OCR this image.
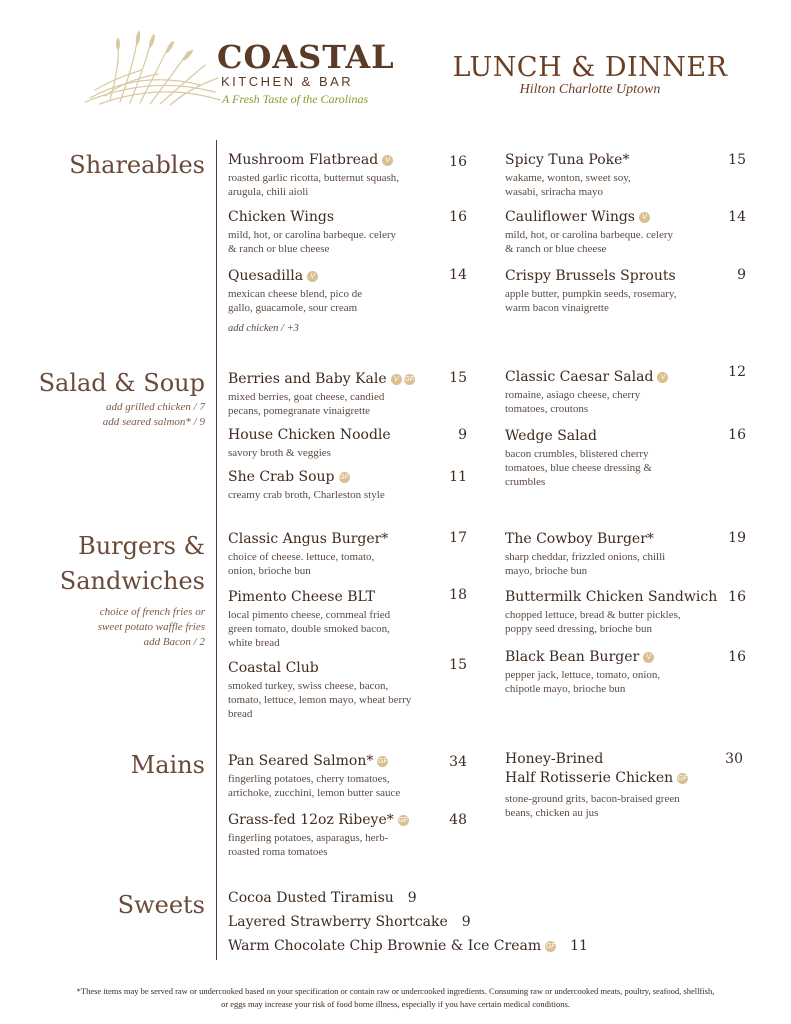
COASTAL
KITCHEN & BAR
A Fresh Taste of the Carolinas
LUNCH & DINNER
Hilton Charlotte Uptown
Shareables Mushroom Flatbread V
roasted garlic ricotta, butternut squash, arugula, chili aioli
16
Chicken Wings
mild, hot, or carolina barbeque. celery & ranch or blue cheese
16
Quesadilla V
mexican cheese blend, pico de gallo, guacamole, sour cream
add chicken / +3
14
Spicy Tuna Poke*
wakame, wonton, sweet soy, wasabi, sriracha mayo
15
Cauliflower Wings V
mild, hot, or carolina barbeque. celery & ranch or blue cheese
14
Crispy Brussels Sprouts
apple butter, pumpkin seeds, rosemary, warm bacon vinaigrette
9
Salad & Soup
add grilled chicken / 7
add seared salmon* / 9
Berries and Baby Kale V GF
mixed berries, goat cheese, candied pecans, pomegranate vinaigrette
15
House Chicken Noodle
savory broth & veggies
9
She Crab Soup GF
creamy crab broth, Charleston style
11
Classic Caesar Salad V
romaine, asiago cheese, cherry tomatoes, croutons
12
Wedge Salad
bacon crumbles, blistered cherry tomatoes, blue cheese dressing & crumbles
16
Burgers &
Sandwiches
choice of french fries or
sweet potato waffle fries
add Bacon / 2
Classic Angus Burger*
choice of cheese. lettuce, tomato, onion, brioche bun
17
Pimento Cheese BLT
local pimento cheese, cornmeal fried green tomato, double smoked bacon, white bread
18
Coastal Club
smoked turkey, swiss cheese, bacon, tomato, lettuce, lemon mayo, wheat berry bread
15
The Cowboy Burger*
sharp cheddar, frizzled onions, chilli mayo, brioche bun
19
Buttermilk Chicken Sandwich
chopped lettuce, bread & butter pickles, poppy seed dressing, brioche bun
16
Black Bean Burger V
pepper jack, lettuce, tomato, onion, chipotle mayo, brioche bun
16
Mains Pan Seared Salmon* GF
fingerling potatoes, cherry tomatoes, artichoke, zucchini, lemon butter sauce
34
Grass-fed 12oz Ribeye* GF
fingerling potatoes, asparagus, herb-roasted roma tomatoes
48
Honey-Brined
Half Rotisserie Chicken GF
stone-ground grits, bacon-braised green beans, chicken au jus
30
Sweets Cocoa Dusted Tiramisu 9
Layered Strawberry Shortcake 9
Warm Chocolate Chip Brownie & Ice Cream GF 11
*These items may be served raw or undercooked based on your specification or contain raw or undercooked ingredients. Consuming raw or undercooked meats, poultry, seafood, shellfish,
or eggs may increase your risk of food borne illness, especially if you have certain medical conditions.
